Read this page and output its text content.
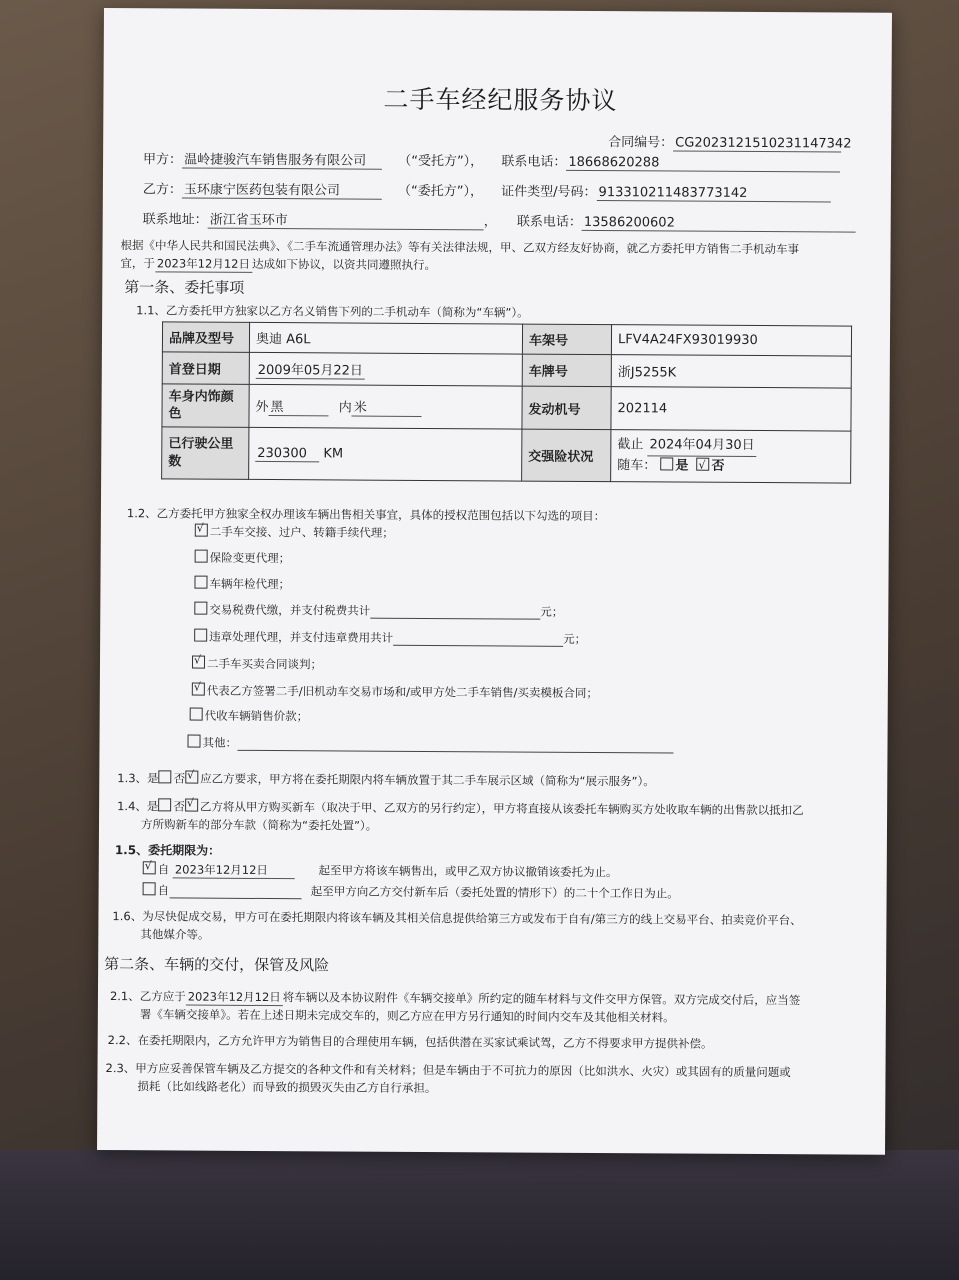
二手车经纪服务协议
合同编号： CG2023121510231147342
甲方： 温岭捷骏汽车销售服务有限公司 （“受托方”）， 联系电话： 18668620288
乙方： 玉环康宁医药包装有限公司	（“委托方”）， 证件类型/号码： 913310211483773142
联系地址： 浙江省玉环市	， 联系电话： 13586200602
根据《中华人民共和国民法典》、《二手车流通管理办法》等有关法律法规，甲、乙双方经友好协商，就乙方委托甲方销售二手机动车事
宜，于 2023年12月12日 达成如下协议，以资共同遵照执行。
第一条、委托事项
1.1、乙方委托甲方独家以乙方名义销售下列的二手机动车（简称为“车辆”）。
品牌及型号	奥迪 A6L	车架号	LFV4A24FX93019930
首登日期	2009年05月22日	车牌号	浙J5255K
车身内饰颜色	外 黑 内 米	发动机号	202114
已行驶公里数	230300 KM	交强险状况	截止 2024年04月30日
随车： 是 √ 否
1.2、乙方委托甲方独家全权办理该车辆出售相关事宜，具体的授权范围包括以下勾选的项目：
√二手车交接、过户、转籍手续代理；
保险变更代理；
车辆年检代理；
交易税费代缴，并支付税费共计	元；
违章处理代理，并支付违章费用共计	元；
√二手车买卖合同谈判；
√代表乙方签署二手/旧机动车交易市场和/或甲方处二手车销售/买卖模板合同；
代收车辆销售价款；
其他：
1.3、是 否 √ 应乙方要求，甲方将在委托期限内将车辆放置于其二手车展示区域（简称为“展示服务”）。
1.4、是 否 √ 乙方将从甲方购买新车（取决于甲、乙双方的另行约定），甲方将直接从该委托车辆购买方处收取车辆的出售款以抵扣乙
方所购新车的部分车款（简称为“委托处置”）。
1.5、委托期限为：
√自 2023年12月12日	起至甲方将该车辆售出，或甲乙双方协议撤销该委托为止。
自	起至甲方向乙方交付新车后（委托处置的情形下）的二十个工作日为止。
1.6、为尽快促成交易，甲方可在委托期限内将该车辆及其相关信息提供给第三方或发布于自有/第三方的线上交易平台、拍卖竞价平台、
其他媒介等。
第二条、车辆的交付，保管及风险
2.1、乙方应于 2023年12月12日 将车辆以及本协议附件《车辆交接单》所约定的随车材料与文件交甲方保管。双方完成交付后，应当签
署《车辆交接单》。若在上述日期未完成交车的，则乙方应在甲方另行通知的时间内交车及其他相关材料。
2.2、在委托期限内，乙方允许甲方为销售目的合理使用车辆，包括供潜在买家试乘试驾，乙方不得要求甲方提供补偿。
2.3、甲方应妥善保管车辆及乙方提交的各种文件和有关材料；但是车辆由于不可抗力的原因（比如洪水、火灾）或其固有的质量问题或
损耗（比如线路老化）而导致的损毁灭失由乙方自行承担。
